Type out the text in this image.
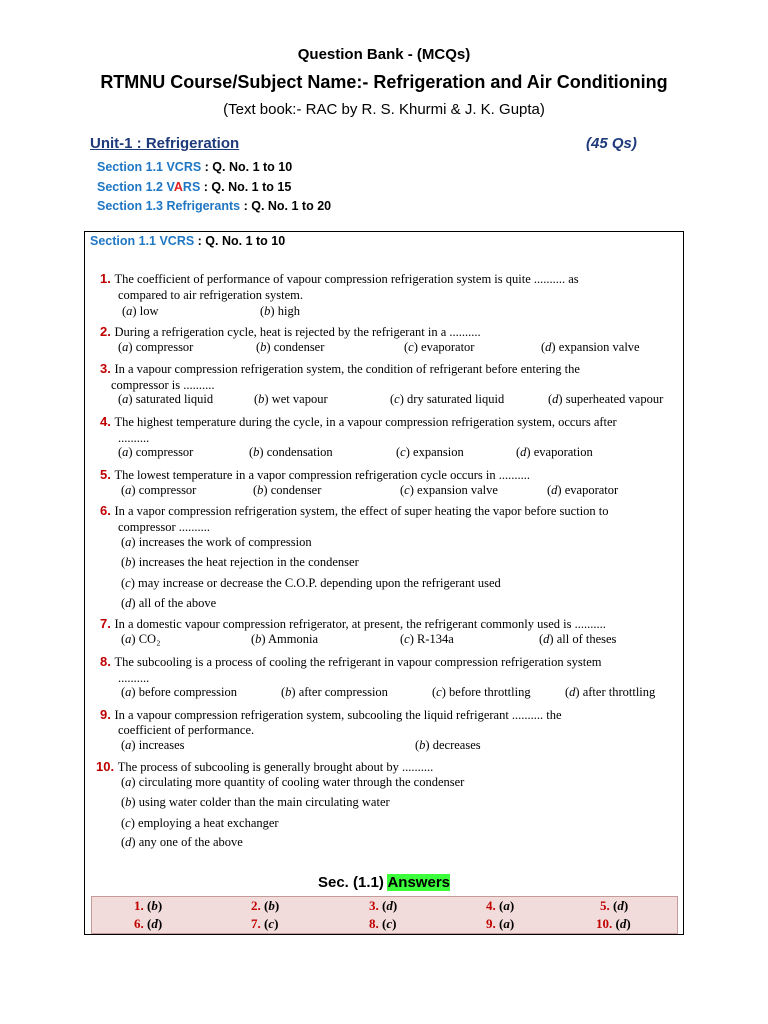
Question Bank - (MCQs)
RTMNU Course/Subject Name:- Refrigeration and Air Conditioning
(Text book:- RAC by R. S. Khurmi & J. K. Gupta)
Unit-1 : Refrigeration	(45 Qs)
Section 1.1 VCRS : Q. No. 1 to 10
Section 1.2 VARS : Q. No. 1 to 15
Section 1.3 Refrigerants : Q. No. 1 to 20
Section 1.1 VCRS : Q. No. 1 to 10
1. The coefficient of performance of vapour compression refrigeration system is quite .......... as
compared to air refrigeration system.
(a) low	(b) high
2. During a refrigeration cycle, heat is rejected by the refrigerant in a ..........
(a) compressor	(b) condenser	(c) evaporator	(d) expansion valve
3. In a vapour compression refrigeration system, the condition of refrigerant before entering the
compressor is ..........
(a) saturated liquid	(b) wet vapour	(c) dry saturated liquid	(d) superheated vapour
4. The highest temperature during the cycle, in a vapour compression refrigeration system, occurs after
..........
(a) compressor	(b) condensation	(c) expansion	(d) evaporation
5. The lowest temperature in a vapor compression refrigeration cycle occurs in ..........
(a) compressor	(b) condenser	(c) expansion valve	(d) evaporator
6. In a vapor compression refrigeration system, the effect of super heating the vapor before suction to
compressor ..........
(a) increases the work of compression
(b) increases the heat rejection in the condenser
(c) may increase or decrease the C.O.P. depending upon the refrigerant used
(d) all of the above
7. In a domestic vapour compression refrigerator, at present, the refrigerant commonly used is ..........
(a) CO₂	(b) Ammonia	(c) R-134a	(d) all of theses
8. The subcooling is a process of cooling the refrigerant in vapour compression refrigeration system
..........
(a) before compression	(b) after compression	(c) before throttling	(d) after throttling
9. In a vapour compression refrigeration system, subcooling the liquid refrigerant .......... the
coefficient of performance.
(a) increases	(b) decreases
10. The process of subcooling is generally brought about by ..........
(a) circulating more quantity of cooling water through the condenser
(b) using water colder than the main circulating water
(c) employing a heat exchanger
(d) any one of the above
Sec. (1.1) Answers
1. (b)	2. (b)	3. (d)	4. (a)	5. (d)
6. (d)	7. (c)	8. (c)	9. (a)	10. (d)
